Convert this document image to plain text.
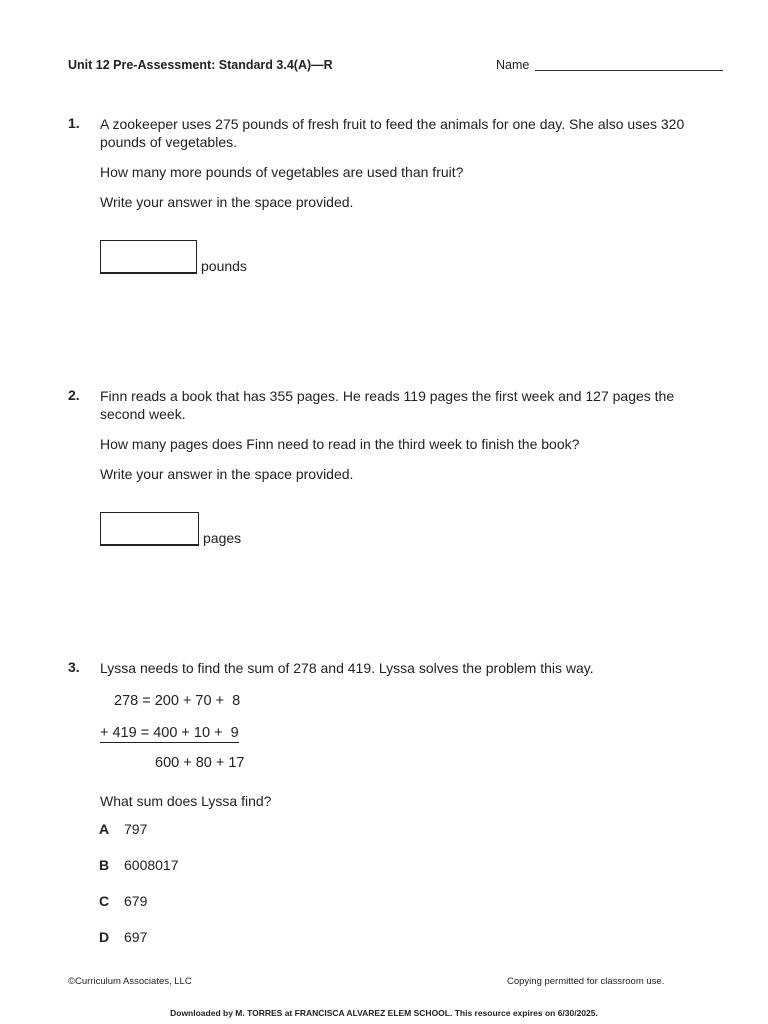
Unit 12 Pre-Assessment: Standard 3.4(A)—R	Name
1. A zookeeper uses 275 pounds of fresh fruit to feed the animals for one day. She also uses 320 pounds of vegetables.
How many more pounds of vegetables are used than fruit?
Write your answer in the space provided.
pounds
2. Finn reads a book that has 355 pages. He reads 119 pages the first week and 127 pages the second week.
How many pages does Finn need to read in the third week to finish the book?
Write your answer in the space provided.
pages
3. Lyssa needs to find the sum of 278 and 419. Lyssa solves the problem this way.
278 = 200 + 70 +  8
+ 419 = 400 + 10 +  9
600 + 80 + 17
What sum does Lyssa find?
A 797
B 6008017
C 679
D 697
©Curriculum Associates, LLC	Copying permitted for classroom use.
Downloaded by M. TORRES at FRANCISCA ALVAREZ ELEM SCHOOL. This resource expires on 6/30/2025.
